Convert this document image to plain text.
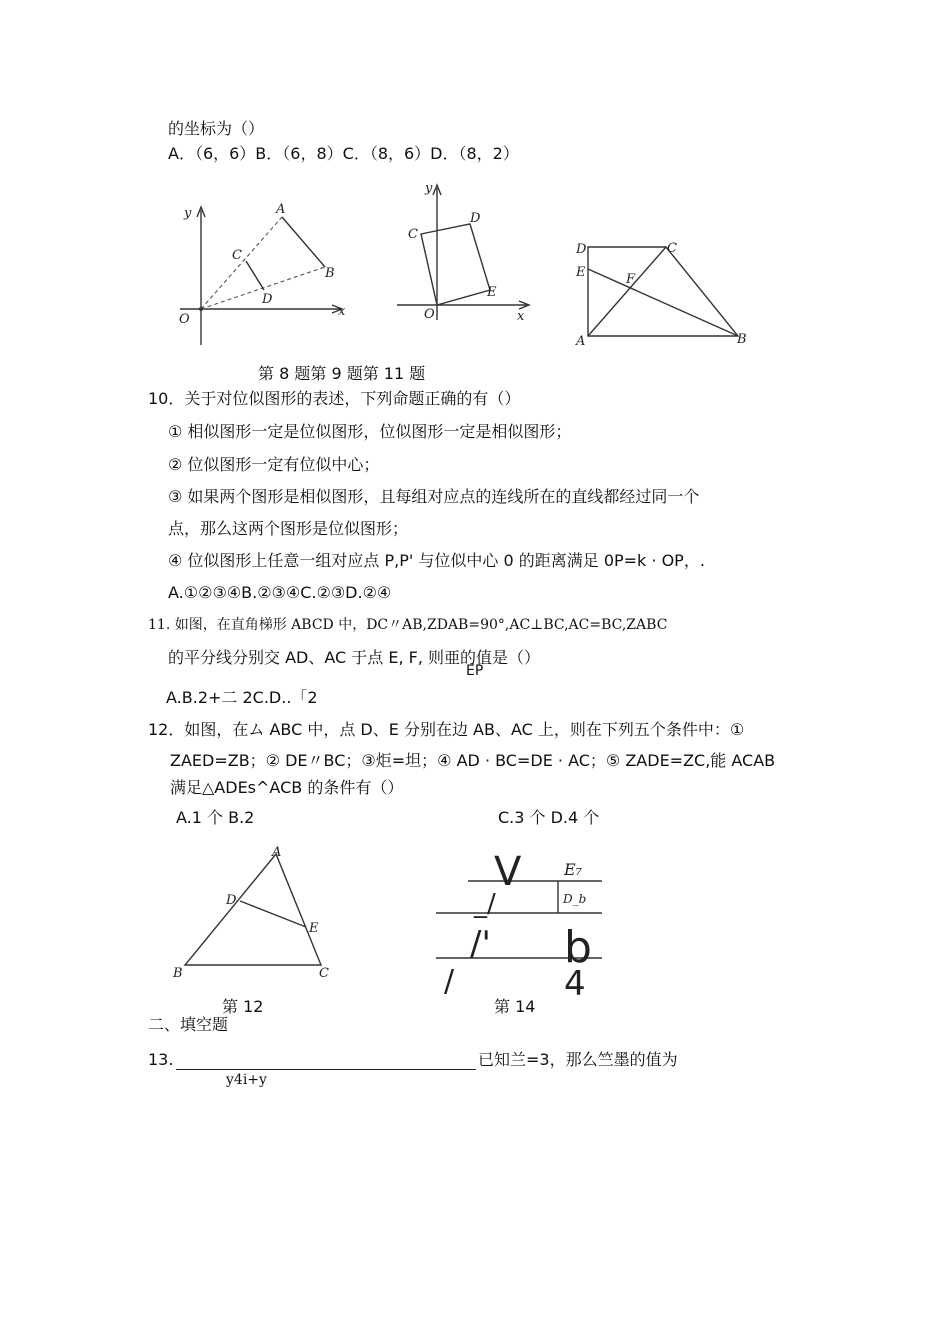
的坐标为（）
A．（6，6）B．（6，8）C．（8，6）D．（8，2）
y
x
O
A
B
C
D
y
x
O
C
D
E
D	C
E	F
A	B
第 8 题第 9 题第 11 题
10．关于对位似图形的表述，下列命题正确的有（）
① 相似图形一定是位似图形，位似图形一定是相似图形；
② 位似图形一定有位似中心；
③ 如果两个图形是相似图形，且每组对应点的连线所在的直线都经过同一个
点，那么这两个图形是位似图形；
④ 位似图形上任意一组对应点 P,P' 与位似中心 0 的距离满足 0P=k · OP，.
A.①②③④B.②③④C.②③D.②④
11. 如图，在直角梯形 ABCD 中，DC〃AB,ZDAB=90°,AC⊥BC,AC=BC,ZABC
的平分线分别交 AD、AC 于点 E, F, 则亜的值是（）
EP
A.B.2+二 2C.D..「2
12．如图，在ム ABC 中，点 D、E 分别在边 AB、AC 上，则在下列五个条件中：①
ZAED=ZB；② DE〃BC；③炬=坦；④ AD · BC=DE · AC；⑤ ZADE=ZC,能 ACAB
满足△ADEs^ACB 的条件有（）
A.1 个 B.2	C.3 个 D.4 个
A
D
E
B	C
V	E₇
D_b
_/
/' b
/	4
第 12	第 14
二、填空题
13.	已知兰=3，那么竺墨的值为
y4i+y
